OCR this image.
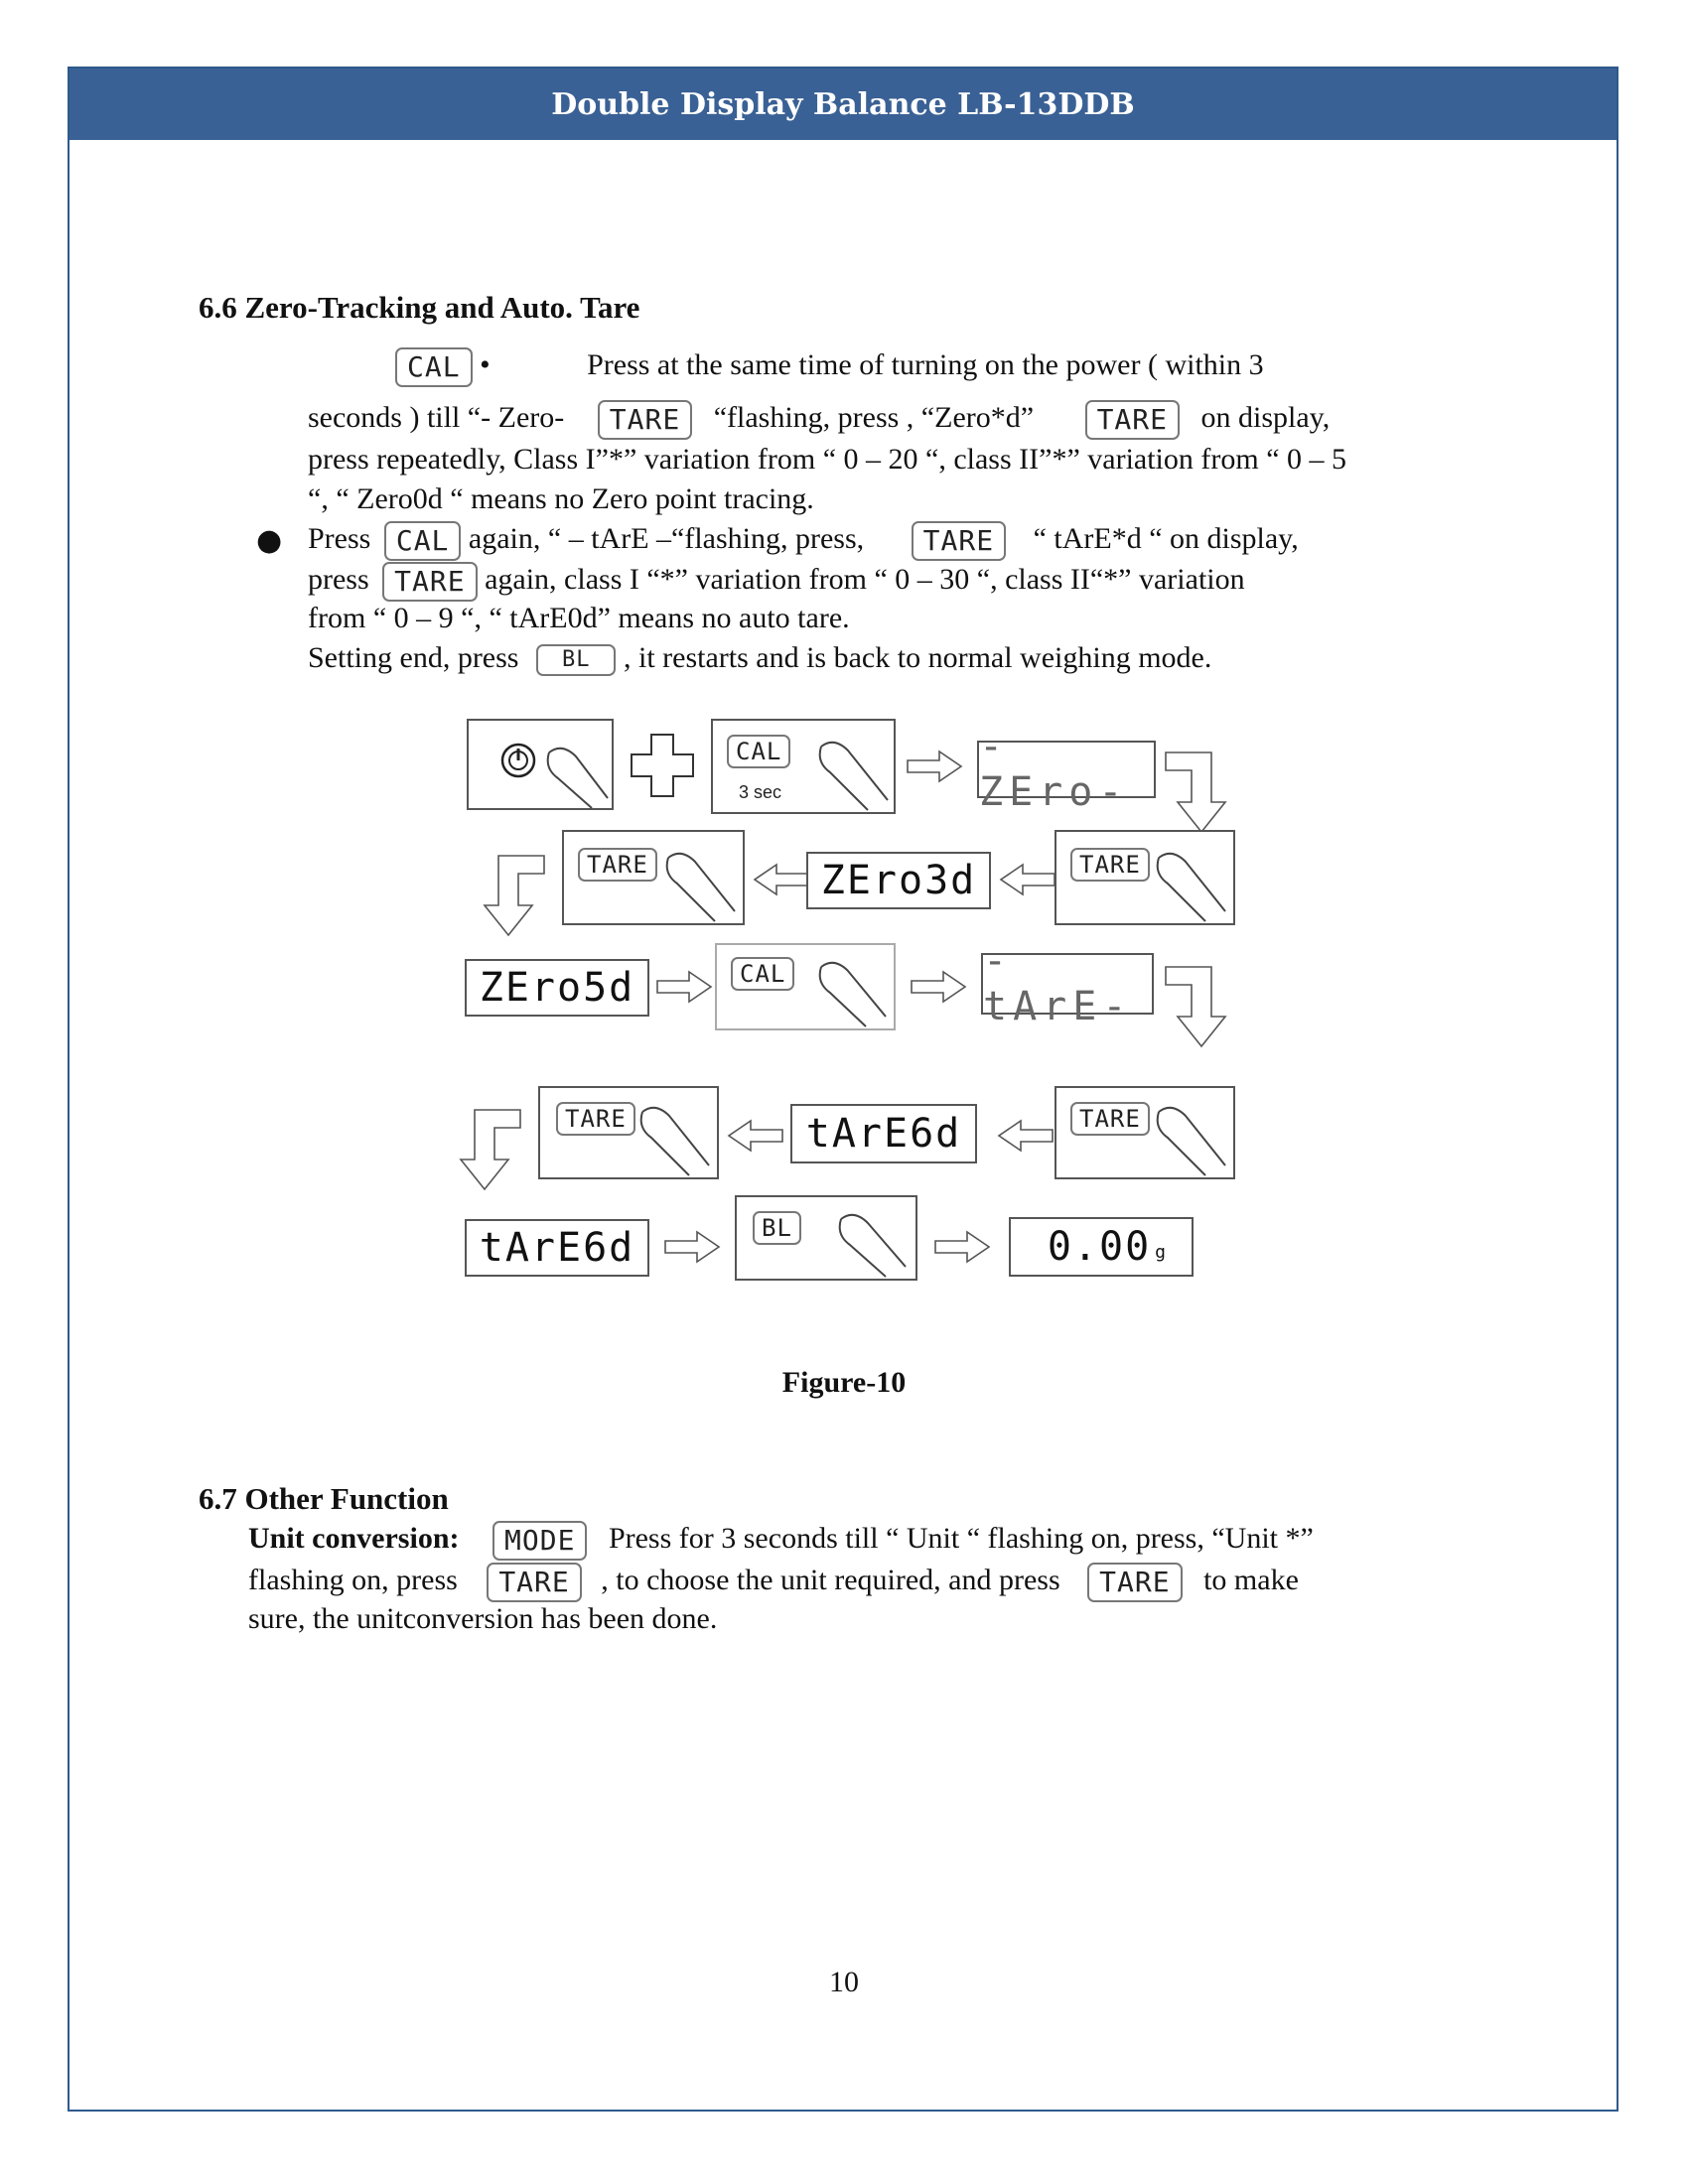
Double Display Balance LB-13DDB
6.6 Zero-Tracking and Auto. Tare
CAL •	Press at the same time of turning on the power ( within 3
seconds ) till “- Zero- TARE “flashing, press , “Zero*d” TARE on display,
press repeatedly, Class I”*” variation from “ 0 – 20 “, class II”*” variation from “ 0 – 5
“, “ Zero0d “ means no Zero point tracing.
● Press CAL again, “ – tArE –“flashing, press, TARE “ tArE*d “ on display,
press TARE again, class I “*” variation from “ 0 – 30 “, class II“*” variation
from “ 0 – 9 “, “ tArE0d” means no auto tare.
Setting end, press BL , it restarts and is back to normal weighing mode.
CAL
3 sec
-ZEro-
TARE	ZEro3d	TARE
ZEro5d	CAL	-tArE-
TARE	tArE6d	TARE
tArE6d	BL	0.00 g
Figure-10
6.7 Other Function
Unit conversion: MODE Press for 3 seconds till “ Unit “ flashing on, press, “Unit *”
flashing on, press TARE , to choose the unit required, and press TARE to make
sure, the unitconversion has been done.
10
